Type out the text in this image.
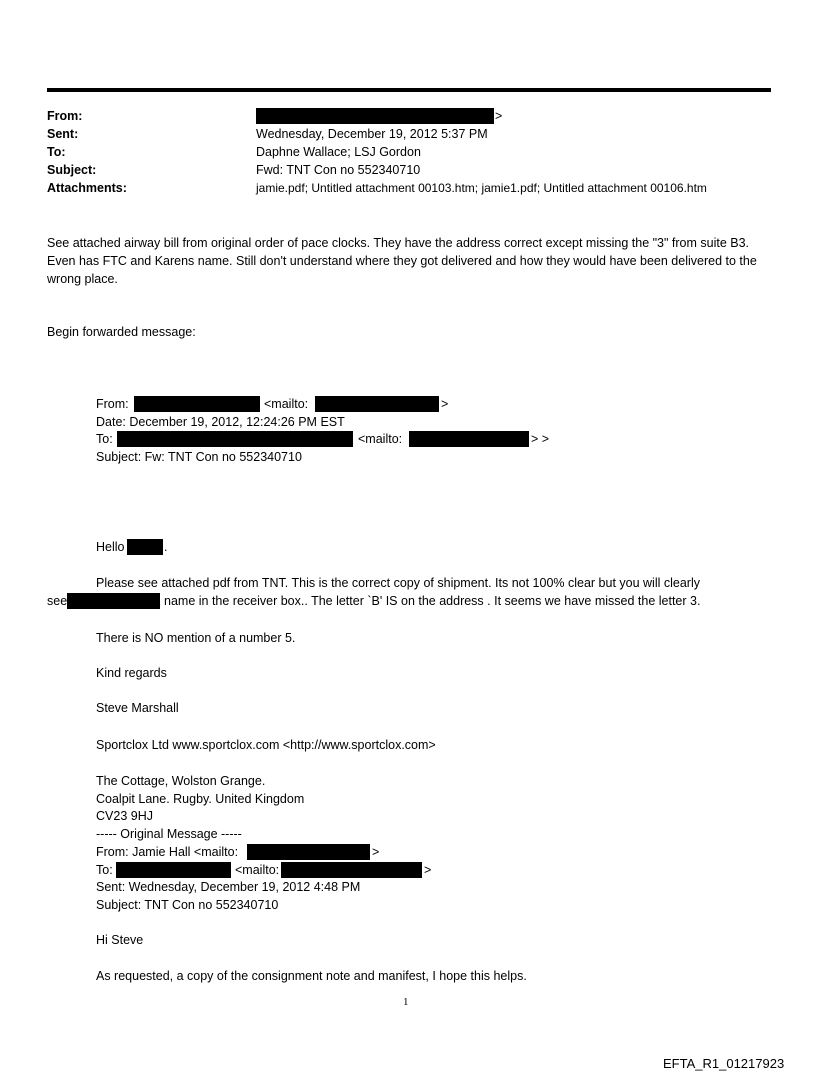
From:	>
Sent:	Wednesday, December 19, 2012 5:37 PM
To:	Daphne Wallace; LSJ Gordon
Subject:	Fwd: TNT Con no 552340710
Attachments:	jamie.pdf; Untitled attachment 00103.htm; jamie1.pdf; Untitled attachment 00106.htm
See attached airway bill from original order of pace clocks. They have the address correct except missing the "3" from suite B3. Even has FTC and Karens name. Still don't understand where they got delivered and how they would have been delivered to the wrong place.
Begin forwarded message:
From:	<mailto:	>
Date: December 19, 2012, 12:24:26 PM EST
To:	<mailto:	> >
Subject: Fw: TNT Con no 552340710
Hello	.
Please see attached pdf from TNT. This is the correct copy of shipment. Its not 100% clear but you will clearly
see	name in the receiver box.. The letter `B' IS on the address . It seems we have missed the letter 3.
There is NO mention of a number 5.
Kind regards
Steve Marshall
Sportclox Ltd www.sportclox.com <http://www.sportclox.com>
The Cottage, Wolston Grange.
Coalpit Lane. Rugby. United Kingdom
CV23 9HJ
----- Original Message -----
From: Jamie Hall <mailto:	>
To:	<mailto:	>
Sent: Wednesday, December 19, 2012 4:48 PM
Subject: TNT Con no 552340710
Hi Steve
As requested, a copy of the consignment note and manifest, I hope this helps.
1
EFTA_R1_01217923
